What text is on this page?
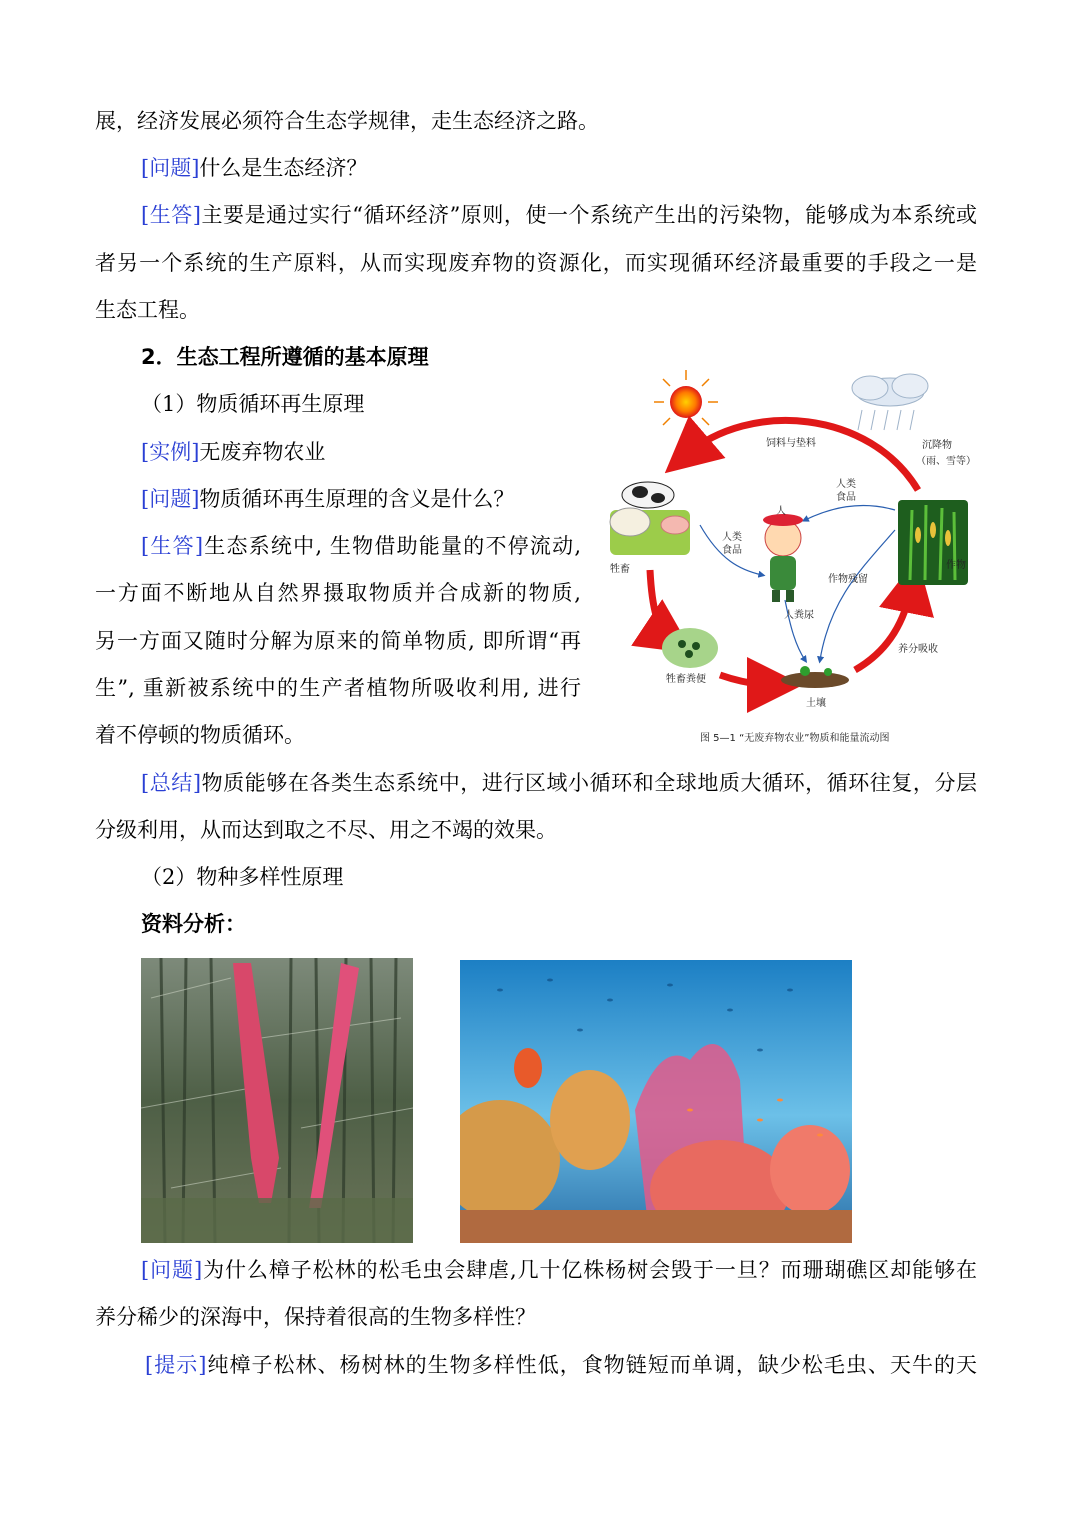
展，经济发展必须符合生态学规律，走生态经济之路。
[问题]什么是生态经济？
[生答]主要是通过实行“循环经济”原则，使一个系统产生出的污染物，能够成为本系统或
者另一个系统的生产原料，从而实现废弃物的资源化，而实现循环经济最重要的手段之一是
生态工程。
2．生态工程所遵循的基本原理
（1）物质循环再生原理
[实例]无废弃物农业
[问题]物质循环再生原理的含义是什么？
[生答]生态系统中, 生物借助能量的不停流动,
一方面不断地从自然界摄取物质并合成新的物质,
另一方面又随时分解为原来的简单物质, 即所谓“再
生”, 重新被系统中的生产者植物所吸收利用, 进行
着不停顿的物质循环。
饲料与垫料	沉降物
（雨、雪等）
人类
食品
人
人类
食品
牲畜
作物残留
作物
人粪尿
养分吸收
牲畜粪便
土壤
图 5—1 “无废弃物农业”物质和能量流动图
[总结]物质能够在各类生态系统中，进行区域小循环和全球地质大循环，循环往复，分层
分级利用，从而达到取之不尽、用之不竭的效果。
（2）物种多样性原理
资料分析：
[问题]为什么樟子松林的松毛虫会肆虐,几十亿株杨树会毁于一旦？而珊瑚礁区却能够在
养分稀少的深海中，保持着很高的生物多样性？
[提示]纯樟子松林、杨树林的生物多样性低，食物链短而单调，缺少松毛虫、天牛的天
